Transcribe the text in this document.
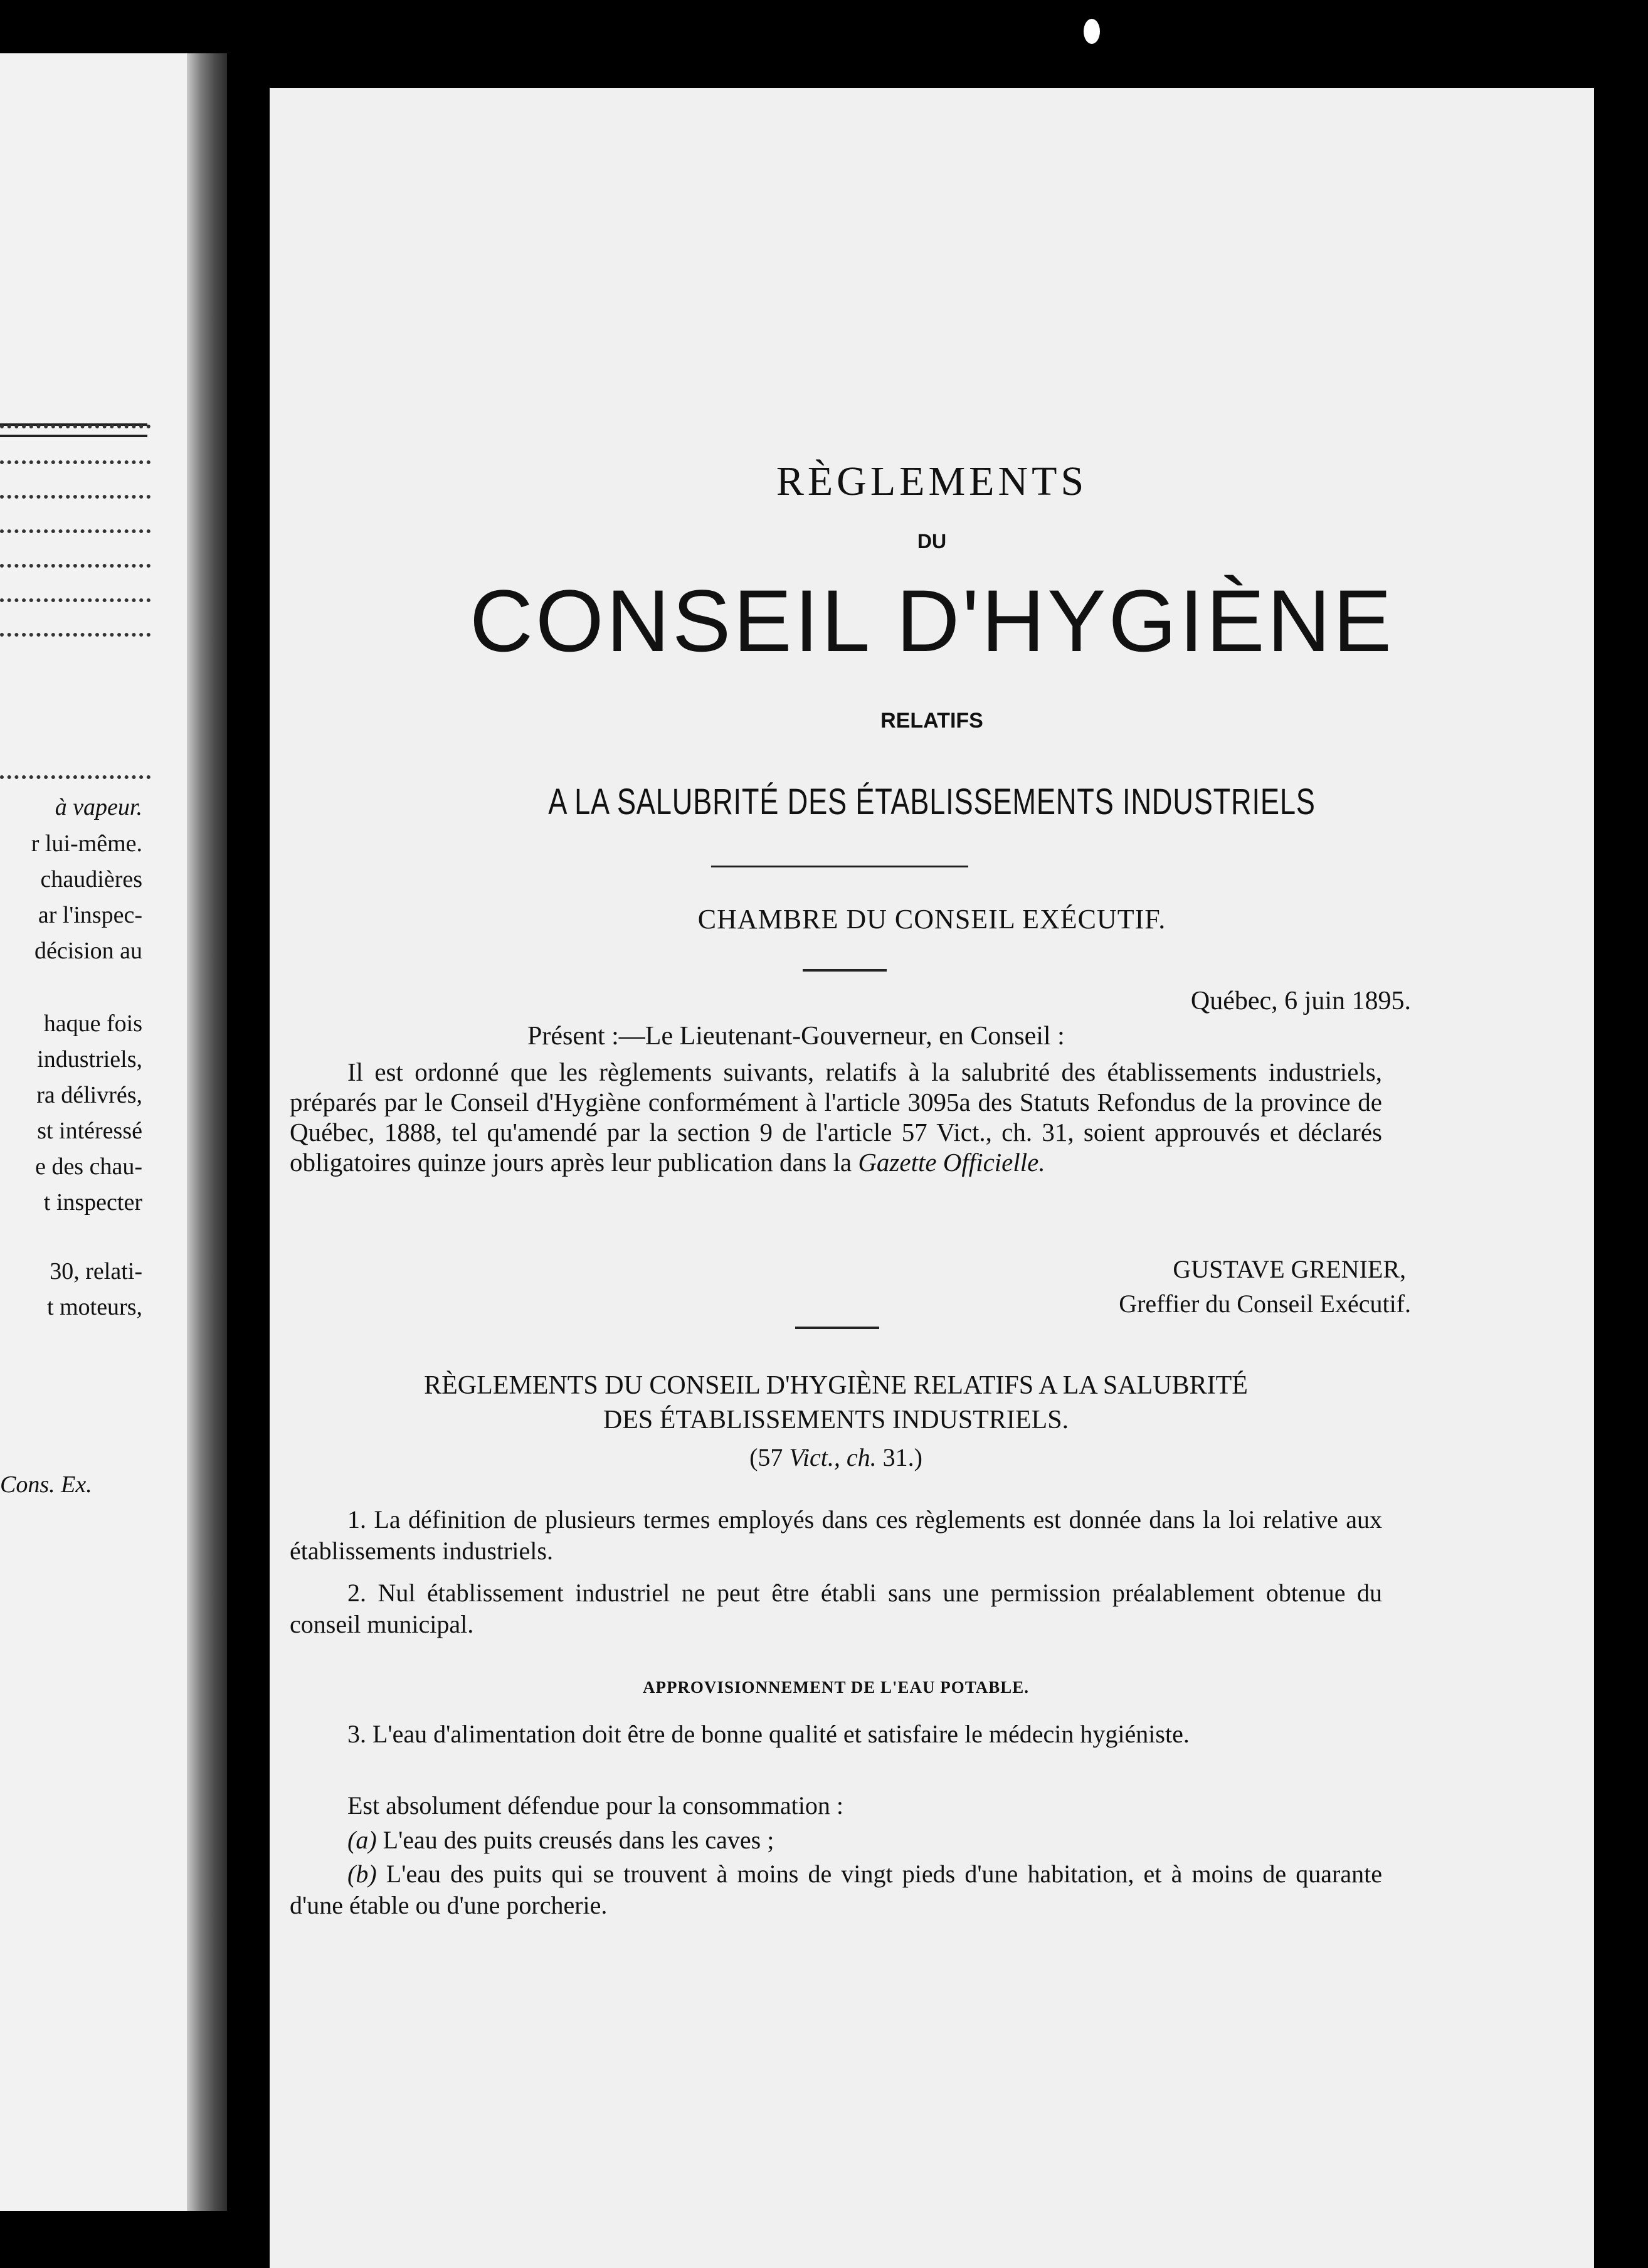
à vapeur.
r lui-même.
chaudières
ar l'inspec-
décision au
haque fois
industriels,
ra délivrés,
st intéressé
e des chau-
t inspecter
30, relati-
t moteurs,
Cons. Ex.
RÈGLEMENTS
DU
CONSEIL D'HYGIÈNE
RELATIFS
A LA SALUBRITÉ DES ÉTABLISSEMENTS INDUSTRIELS
CHAMBRE DU CONSEIL EXÉCUTIF.
Québec, 6 juin 1895.
Présent :—Le Lieutenant-Gouverneur, en Conseil :
Il est ordonné que les règlements suivants, relatifs à la salubrité des établissements industriels, préparés par le Conseil d'Hygiène conformément à l'article 3095a des Statuts Refondus de la province de Québec, 1888, tel qu'amendé par la section 9 de l'article 57 Vict., ch. 31, soient approuvés et déclarés obligatoires quinze jours après leur publication dans la Gazette Officielle.
GUSTAVE GRENIER,
Greffier du Conseil Exécutif.
RÈGLEMENTS DU CONSEIL D'HYGIÈNE RELATIFS A LA SALUBRITÉ
DES ÉTABLISSEMENTS INDUSTRIELS.
(57 Vict., ch. 31.)
1. La définition de plusieurs termes employés dans ces règlements est donnée dans la loi relative aux établissements industriels.
2. Nul établissement industriel ne peut être établi sans une permission préalablement obtenue du conseil municipal.
APPROVISIONNEMENT DE L'EAU POTABLE.
3. L'eau d'alimentation doit être de bonne qualité et satisfaire le médecin hygiéniste.
Est absolument défendue pour la consommation :
(a) L'eau des puits creusés dans les caves ;
(b) L'eau des puits qui se trouvent à moins de vingt pieds d'une habitation, et à moins de quarante d'une étable ou d'une porcherie.
